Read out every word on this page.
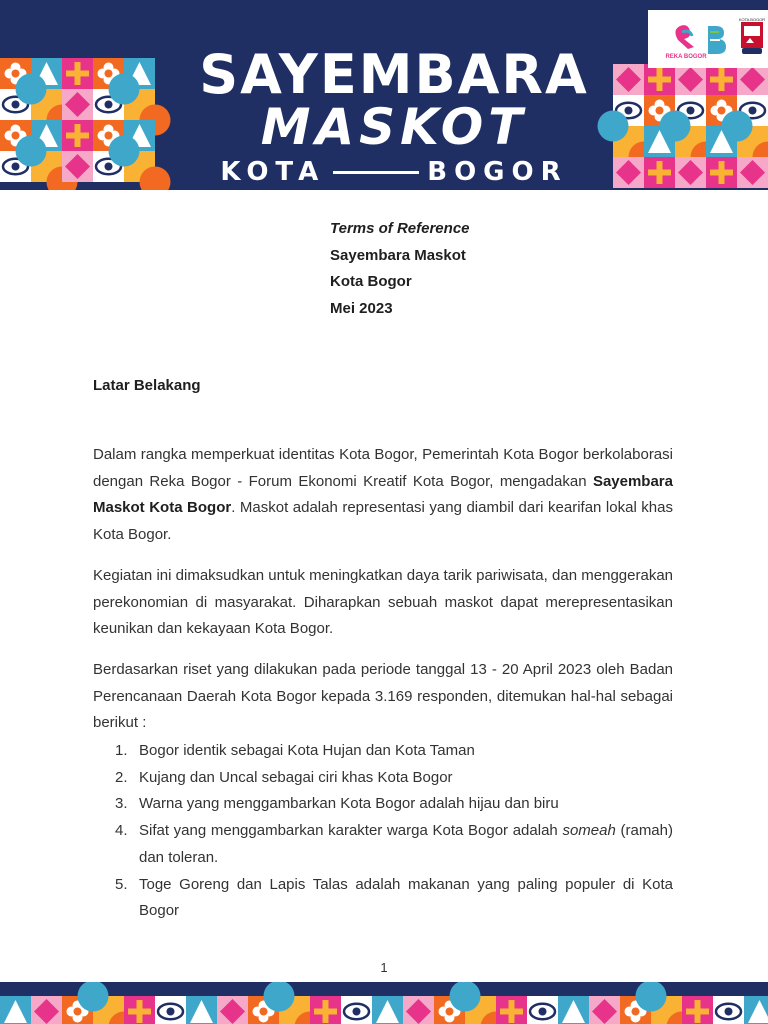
REKA BOGOR
KOTA BOGOR
SAYEMBARA
MASKOT
KOTA	BOGOR
Terms of Reference
Sayembara Maskot
Kota Bogor
Mei 2023
Latar Belakang

Dalam rangka memperkuat identitas Kota Bogor, Pemerintah Kota Bogor berkolaborasi dengan Reka Bogor - Forum Ekonomi Kreatif Kota Bogor, mengadakan Sayembara Maskot Kota Bogor. Maskot adalah representasi yang diambil dari kearifan lokal khas Kota Bogor.

Kegiatan ini dimaksudkan untuk meningkatkan daya tarik pariwisata, dan menggerakan perekonomian di masyarakat. Diharapkan sebuah maskot dapat merepresentasikan keunikan dan kekayaan Kota Bogor.

Berdasarkan riset yang dilakukan pada periode tanggal 13 - 20 April 2023 oleh Badan Perencanaan Daerah Kota Bogor kepada 3.169 responden, ditemukan hal-hal sebagai berikut :

1. Bogor identik sebagai Kota Hujan dan Kota Taman
2. Kujang dan Uncal sebagai ciri khas Kota Bogor
3. Warna yang menggambarkan Kota Bogor adalah hijau dan biru
4. Sifat yang menggambarkan karakter warga Kota Bogor adalah someah (ramah) dan toleran.
5. Toge Goreng dan Lapis Talas adalah makanan yang paling populer di Kota Bogor
1
